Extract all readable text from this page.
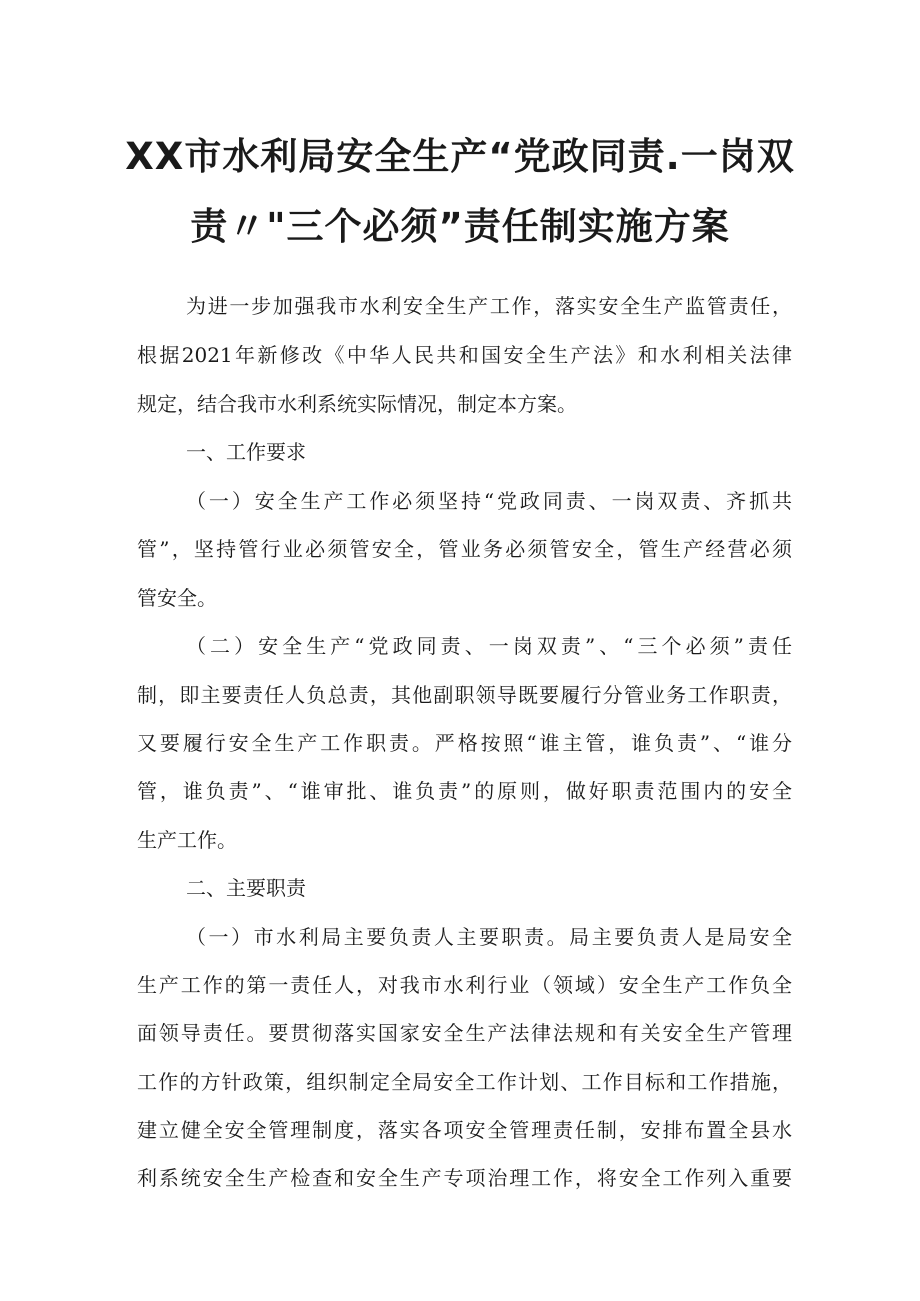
XX市水利局安全生产“党政同责.一岗双
责〃"三个必须”责任制实施方案
为进一步加强我市水利安全生产工作，落实安全生产监管责任，
根据2021年新修改《中华人民共和国安全生产法》和水利相关法律
规定，结合我市水利系统实际情况，制定本方案。
一、工作要求
（一）安全生产工作必须坚持“党政同责、一岗双责、齐抓共
管”，坚持管行业必须管安全，管业务必须管安全，管生产经营必须
管安全。
（二）安全生产“党政同责、一岗双责”、“三个必须”责任
制，即主要责任人负总责，其他副职领导既要履行分管业务工作职责，
又要履行安全生产工作职责。严格按照“谁主管，谁负责”、“谁分
管，谁负责”、“谁审批、谁负责”的原则，做好职责范围内的安全
生产工作。
二、主要职责
（一）市水利局主要负责人主要职责。局主要负责人是局安全
生产工作的第一责任人，对我市水利行业（领域）安全生产工作负全
面领导责任。要贯彻落实国家安全生产法律法规和有关安全生产管理
工作的方针政策，组织制定全局安全工作计划、工作目标和工作措施，
建立健全安全管理制度，落实各项安全管理责任制，安排布置全县水
利系统安全生产检查和安全生产专项治理工作，将安全工作列入重要
